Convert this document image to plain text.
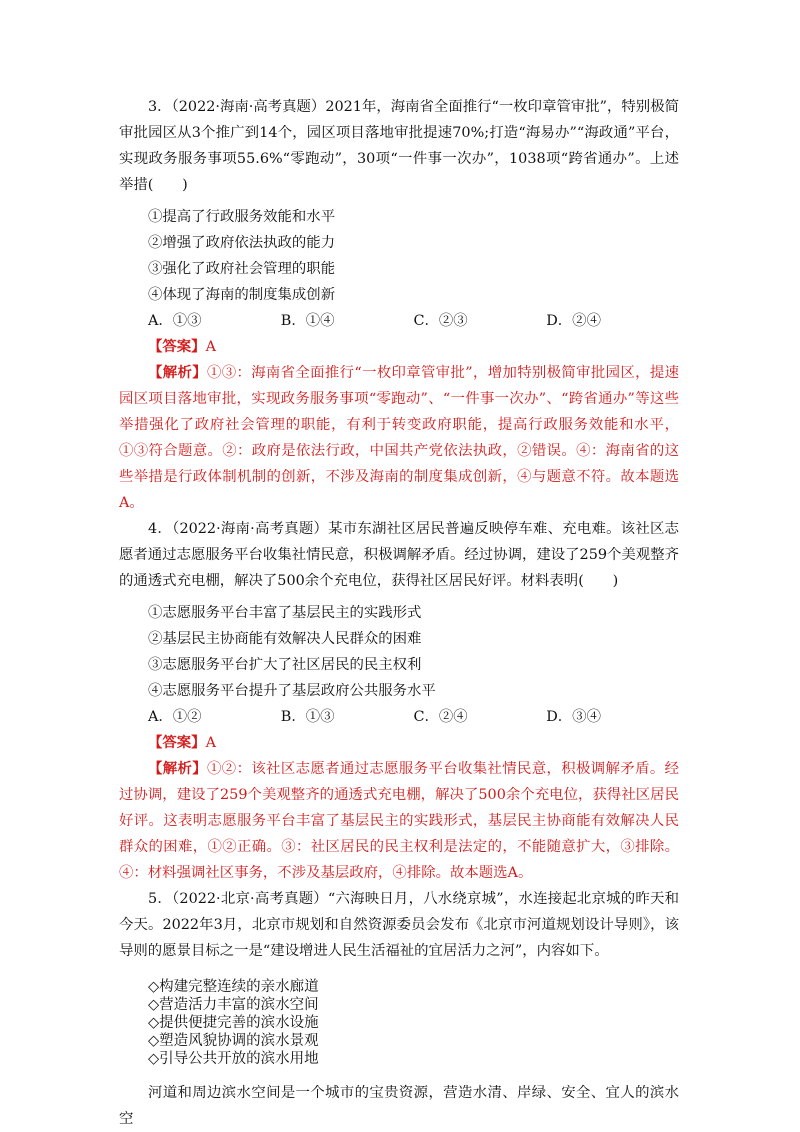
3．（2022·海南·高考真题）2021年，海南省全面推行“一枚印章管审批”，特别极简审批园区从3个推广到14个，园区项目落地审批提速70%;打造“海易办”“海政通”平台，实现政务服务事项55.6%“零跑动”，30项“一件事一次办”，1038项“跨省通办”。上述举措(　　)

①提高了行政服务效能和水平

②增强了政府依法执政的能力

③强化了政府社会管理的职能

④体现了海南的制度集成创新

A．①③	B．①④	C．②③	D．②④

【答案】A

【解析】①③：海南省全面推行“一枚印章管审批”，增加特别极简审批园区，提速园区项目落地审批，实现政务服务事项“零跑动”、“一件事一次办”、“跨省通办”等这些举措强化了政府社会管理的职能，有利于转变政府职能，提高行政服务效能和水平，①③符合题意。②：政府是依法行政，中国共产党依法执政，②错误。④：海南省的这些举措是行政体制机制的创新，不涉及海南的制度集成创新，④与题意不符。故本题选A。

4．（2022·海南·高考真题）某市东湖社区居民普遍反映停车难、充电难。该社区志愿者通过志愿服务平台收集社情民意，积极调解矛盾。经过协调，建设了259个美观整齐的通透式充电棚，解决了500余个充电位，获得社区居民好评。材料表明(　　)

①志愿服务平台丰富了基层民主的实践形式

②基层民主协商能有效解决人民群众的困难

③志愿服务平台扩大了社区居民的民主权利

④志愿服务平台提升了基层政府公共服务水平

A．①②	B．①③	C．②④	D．③④

【答案】A

【解析】①②：该社区志愿者通过志愿服务平台收集社情民意，积极调解矛盾。经过协调，建设了259个美观整齐的通透式充电棚，解决了500余个充电位，获得社区居民好评。这表明志愿服务平台丰富了基层民主的实践形式，基层民主协商能有效解决人民群众的困难，①②正确。③：社区居民的民主权利是法定的，不能随意扩大，③排除。④：材料强调社区事务，不涉及基层政府，④排除。故本题选A。

5．（2022·北京·高考真题）“六海映日月，八水绕京城”，水连接起北京城的昨天和今天。2022年3月，北京市规划和自然资源委员会发布《北京市河道规划设计导则》，该导则的愿景目标之一是“建设增进人民生活福祉的宜居活力之河”，内容如下。

◇构建完整连续的亲水廊道
◇营造活力丰富的滨水空间
◇提供便捷完善的滨水设施
◇塑造风貌协调的滨水景观
◇引导公共开放的滨水用地

河道和周边滨水空间是一个城市的宝贵资源，营造水清、岸绿、安全、宜人的滨水空
